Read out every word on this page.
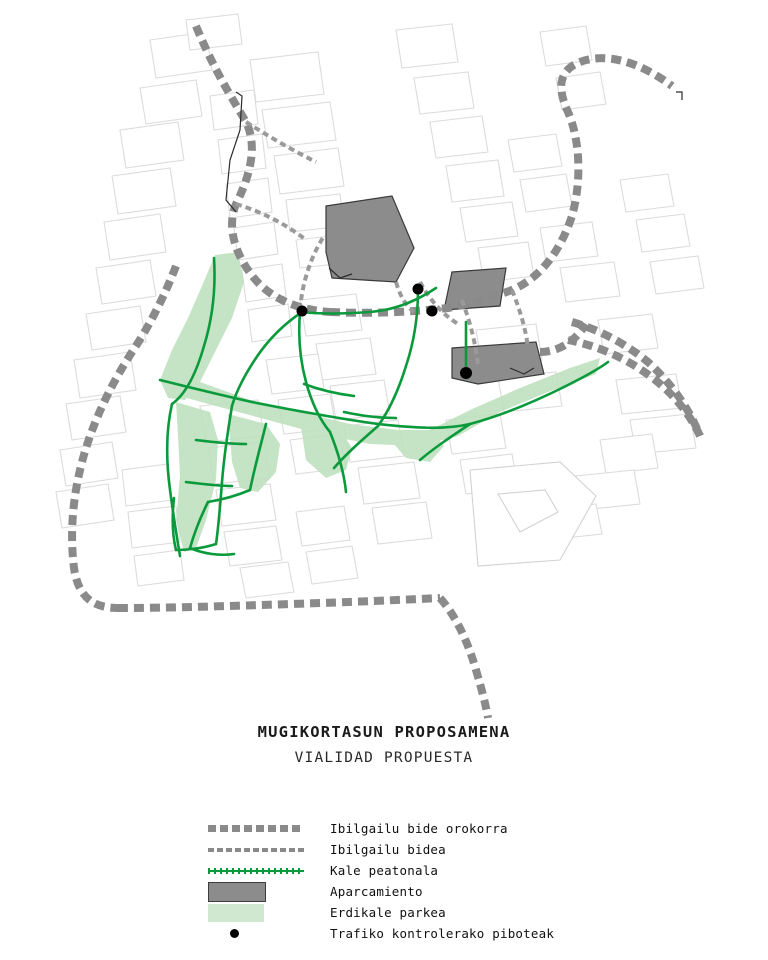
MUGIKORTASUN PROPOSAMENA

VIALIDAD PROPUESTA

Ibilgailu bide orokorra
Ibilgailu bidea
Kale peatonala
Aparcamiento
Erdikale parkea
Trafiko kontrolerako piboteak
